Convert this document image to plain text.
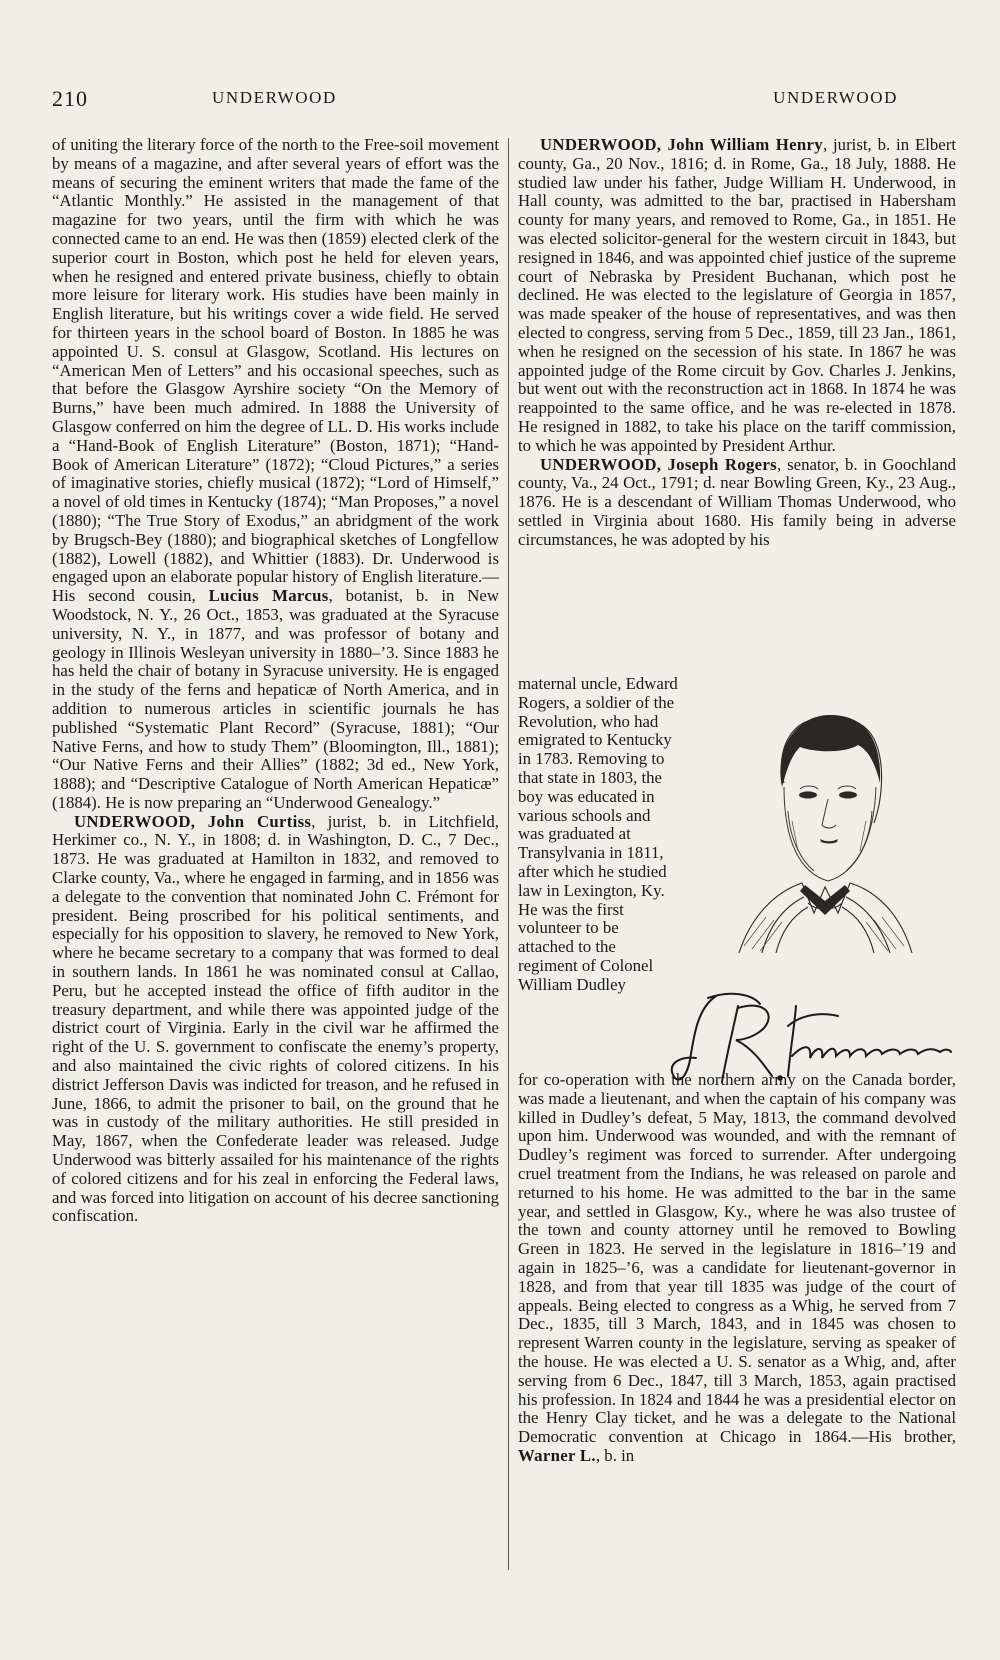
210	UNDERWOOD	UNDERWOOD

of uniting the literary force of the north to the Free-soil movement by means of a magazine, and after several years of effort was the means of securing the eminent writers that made the fame of the “Atlantic Monthly.” He assisted in the management of that magazine for two years, until the firm with which he was connected came to an end. He was then (1859) elected clerk of the superior court in Boston, which post he held for eleven years, when he resigned and entered private business, chiefly to obtain more leisure for literary work. His studies have been mainly in English literature, but his writings cover a wide field. He served for thirteen years in the school board of Boston. In 1885 he was appointed U. S. consul at Glasgow, Scotland. His lectures on “American Men of Letters” and his occasional speeches, such as that before the Glasgow Ayrshire society “On the Memory of Burns,” have been much admired. In 1888 the University of Glasgow conferred on him the degree of LL. D. His works include a “Hand-Book of English Literature” (Boston, 1871); “Hand-Book of American Literature” (1872); “Cloud Pictures,” a series of imaginative stories, chiefly musical (1872); “Lord of Himself,” a novel of old times in Kentucky (1874); “Man Proposes,” a novel (1880); “The True Story of Exodus,” an abridgment of the work by Brugsch-Bey (1880); and biographical sketches of Longfellow (1882), Lowell (1882), and Whittier (1883). Dr. Underwood is engaged upon an elaborate popular history of English literature.—His second cousin, Lucius Marcus, botanist, b. in New Woodstock, N. Y., 26 Oct., 1853, was graduated at the Syracuse university, N. Y., in 1877, and was professor of botany and geology in Illinois Wesleyan university in 1880–’3. Since 1883 he has held the chair of botany in Syracuse university. He is engaged in the study of the ferns and hepaticæ of North America, and in addition to numerous articles in scientific journals he has published “Systematic Plant Record” (Syracuse, 1881); “Our Native Ferns, and how to study Them” (Bloomington, Ill., 1881); “Our Native Ferns and their Allies” (1882; 3d ed., New York, 1888); and “Descriptive Catalogue of North American Hepaticæ” (1884). He is now preparing an “Underwood Genealogy.”

UNDERWOOD, John Curtiss, jurist, b. in Litchfield, Herkimer co., N. Y., in 1808; d. in Washington, D. C., 7 Dec., 1873. He was graduated at Hamilton in 1832, and removed to Clarke county, Va., where he engaged in farming, and in 1856 was a delegate to the convention that nominated John C. Frémont for president. Being proscribed for his political sentiments, and especially for his opposition to slavery, he removed to New York, where he became secretary to a company that was formed to deal in southern lands. In 1861 he was nominated consul at Callao, Peru, but he accepted instead the office of fifth auditor in the treasury department, and while there was appointed judge of the district court of Virginia. Early in the civil war he affirmed the right of the U. S. government to confiscate the enemy’s property, and also maintained the civic rights of colored citizens. In his district Jefferson Davis was indicted for treason, and he refused in June, 1866, to admit the prisoner to bail, on the ground that he was in custody of the military authorities. He still presided in May, 1867, when the Confederate leader was released. Judge Underwood was bitterly assailed for his maintenance of the rights of colored citizens and for his zeal in enforcing the Federal laws, and was forced into litigation on account of his decree sanctioning confiscation.

UNDERWOOD, John William Henry, jurist, b. in Elbert county, Ga., 20 Nov., 1816; d. in Rome, Ga., 18 July, 1888. He studied law under his father, Judge William H. Underwood, in Hall county, was admitted to the bar, practised in Habersham county for many years, and removed to Rome, Ga., in 1851. He was elected solicitor-general for the western circuit in 1843, but resigned in 1846, and was appointed chief justice of the supreme court of Nebraska by President Buchanan, which post he declined. He was elected to the legislature of Georgia in 1857, was made speaker of the house of representatives, and was then elected to congress, serving from 5 Dec., 1859, till 23 Jan., 1861, when he resigned on the secession of his state. In 1867 he was appointed judge of the Rome circuit by Gov. Charles J. Jenkins, but went out with the reconstruction act in 1868. In 1874 he was reappointed to the same office, and he was re-elected in 1878. He resigned in 1882, to take his place on the tariff commission, to which he was appointed by President Arthur.

UNDERWOOD, Joseph Rogers, senator, b. in Goochland county, Va., 24 Oct., 1791; d. near Bowling Green, Ky., 23 Aug., 1876. He is a descendant of William Thomas Underwood, who settled in Virginia about 1680. His family being in adverse circumstances, he was adopted by his

maternal uncle, Edward Rogers, a soldier of the Revolution, who had emigrated to Kentucky in 1783. Removing to that state in 1803, the boy was educated in various schools and was graduated at Transylvania in 1811, after which he studied law in Lexington, Ky. He was the first volunteer to be attached to the regiment of Colonel William Dudley
for co-operation with the northern army on the Canada border, was made a lieutenant, and when the captain of his company was killed in Dudley’s defeat, 5 May, 1813, the command devolved upon him. Underwood was wounded, and with the remnant of Dudley’s regiment was forced to surrender. After undergoing cruel treatment from the Indians, he was released on parole and returned to his home. He was admitted to the bar in the same year, and settled in Glasgow, Ky., where he was also trustee of the town and county attorney until he removed to Bowling Green in 1823. He served in the legislature in 1816–’19 and again in 1825–’6, was a candidate for lieutenant-governor in 1828, and from that year till 1835 was judge of the court of appeals. Being elected to congress as a Whig, he served from 7 Dec., 1835, till 3 March, 1843, and in 1845 was chosen to represent Warren county in the legislature, serving as speaker of the house. He was elected a U. S. senator as a Whig, and, after serving from 6 Dec., 1847, till 3 March, 1853, again practised his profession. In 1824 and 1844 he was a presidential elector on the Henry Clay ticket, and he was a delegate to the National Democratic convention at Chicago in 1864.—His brother, Warner L., b. in
